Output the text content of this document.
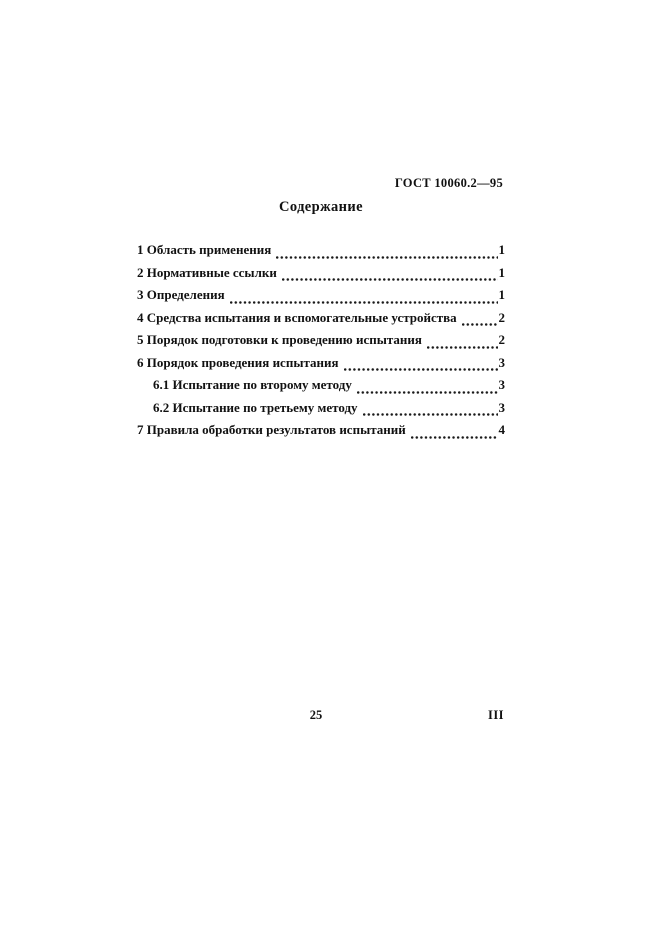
ГОСТ 10060.2—95
Содержание
1 Область применения	1
2 Нормативные ссылки	1
3 Определения	1
4 Средства испытания и вспомогательные устройства	2
5 Порядок подготовки к проведению испытания	2
6 Порядок проведения испытания	3
6.1 Испытание по второму методу	3
6.2 Испытание по третьему методу	3
7 Правила обработки результатов испытаний	4
25	III
